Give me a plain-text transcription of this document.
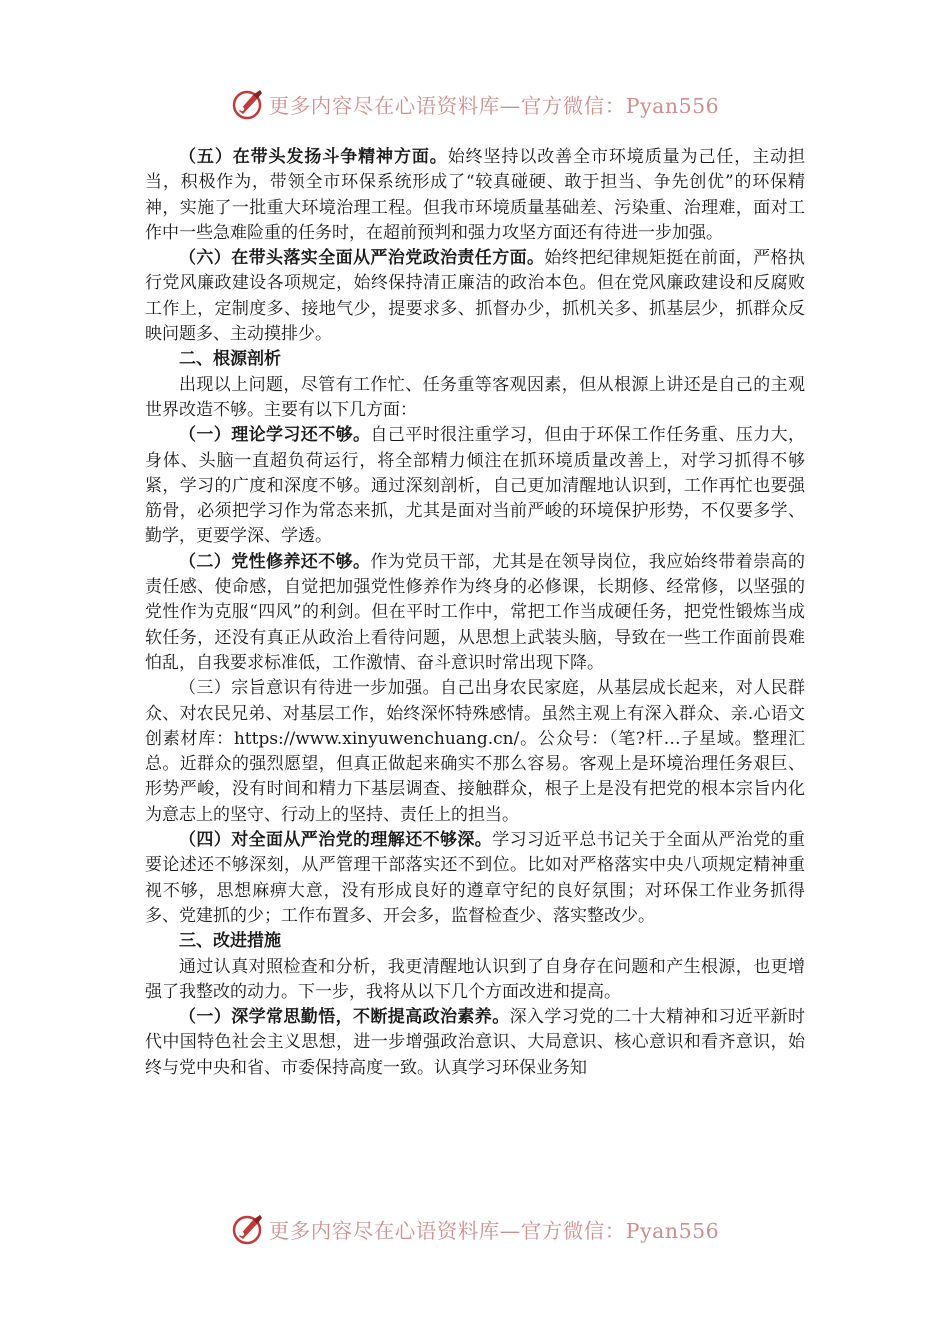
更多内容尽在心语资料库—官方微信：Pyan556

（五）在带头发扬斗争精神方面。始终坚持以改善全市环境质量为己任，主动担当，积极作为，带领全市环保系统形成了“较真碰硬、敢于担当、争先创优”的环保精神，实施了一批重大环境治理工程。但我市环境质量基础差、污染重、治理难，面对工作中一些急难险重的任务时，在超前预判和强力攻坚方面还有待进一步加强。

（六）在带头落实全面从严治党政治责任方面。始终把纪律规矩挺在前面，严格执行党风廉政建设各项规定，始终保持清正廉洁的政治本色。但在党风廉政建设和反腐败工作上，定制度多、接地气少，提要求多、抓督办少，抓机关多、抓基层少，抓群众反映问题多、主动摸排少。

二、根源剖析

出现以上问题，尽管有工作忙、任务重等客观因素，但从根源上讲还是自己的主观世界改造不够。主要有以下几方面：

（一）理论学习还不够。自己平时很注重学习，但由于环保工作任务重、压力大，身体、头脑一直超负荷运行，将全部精力倾注在抓环境质量改善上，对学习抓得不够紧，学习的广度和深度不够。通过深刻剖析，自己更加清醒地认识到，工作再忙也要强筋骨，必须把学习作为常态来抓，尤其是面对当前严峻的环境保护形势，不仅要多学、勤学，更要学深、学透。

（二）党性修养还不够。作为党员干部，尤其是在领导岗位，我应始终带着崇高的责任感、使命感，自觉把加强党性修养作为终身的必修课，长期修、经常修，以坚强的党性作为克服“四风”的利剑。但在平时工作中，常把工作当成硬任务，把党性锻炼当成软任务，还没有真正从政治上看待问题，从思想上武装头脑，导致在一些工作面前畏难怕乱，自我要求标准低，工作激情、奋斗意识时常出现下降。

（三）宗旨意识有待进一步加强。自己出身农民家庭，从基层成长起来，对人民群众、对农民兄弟、对基层工作，始终深怀特殊感情。虽然主观上有深入群众、亲.心语文创素材库：https://www.xinyuwenchuang.cn/。公众号：（笔?杆…子星域。整理汇总。近群众的强烈愿望，但真正做起来确实不那么容易。客观上是环境治理任务艰巨、形势严峻，没有时间和精力下基层调查、接触群众，根子上是没有把党的根本宗旨内化为意志上的坚守、行动上的坚持、责任上的担当。

（四）对全面从严治党的理解还不够深。学习习近平总书记关于全面从严治党的重要论述还不够深刻，从严管理干部落实还不到位。比如对严格落实中央八项规定精神重视不够，思想麻痹大意，没有形成良好的遵章守纪的良好氛围；对环保工作业务抓得多、党建抓的少；工作布置多、开会多，监督检查少、落实整改少。

三、改进措施

通过认真对照检查和分析，我更清醒地认识到了自身存在问题和产生根源，也更增强了我整改的动力。下一步，我将从以下几个方面改进和提高。

（一）深学常思勤悟，不断提高政治素养。深入学习党的二十大精神和习近平新时代中国特色社会主义思想，进一步增强政治意识、大局意识、核心意识和看齐意识，始终与党中央和省、市委保持高度一致。认真学习环保业务知

更多内容尽在心语资料库—官方微信：Pyan556
